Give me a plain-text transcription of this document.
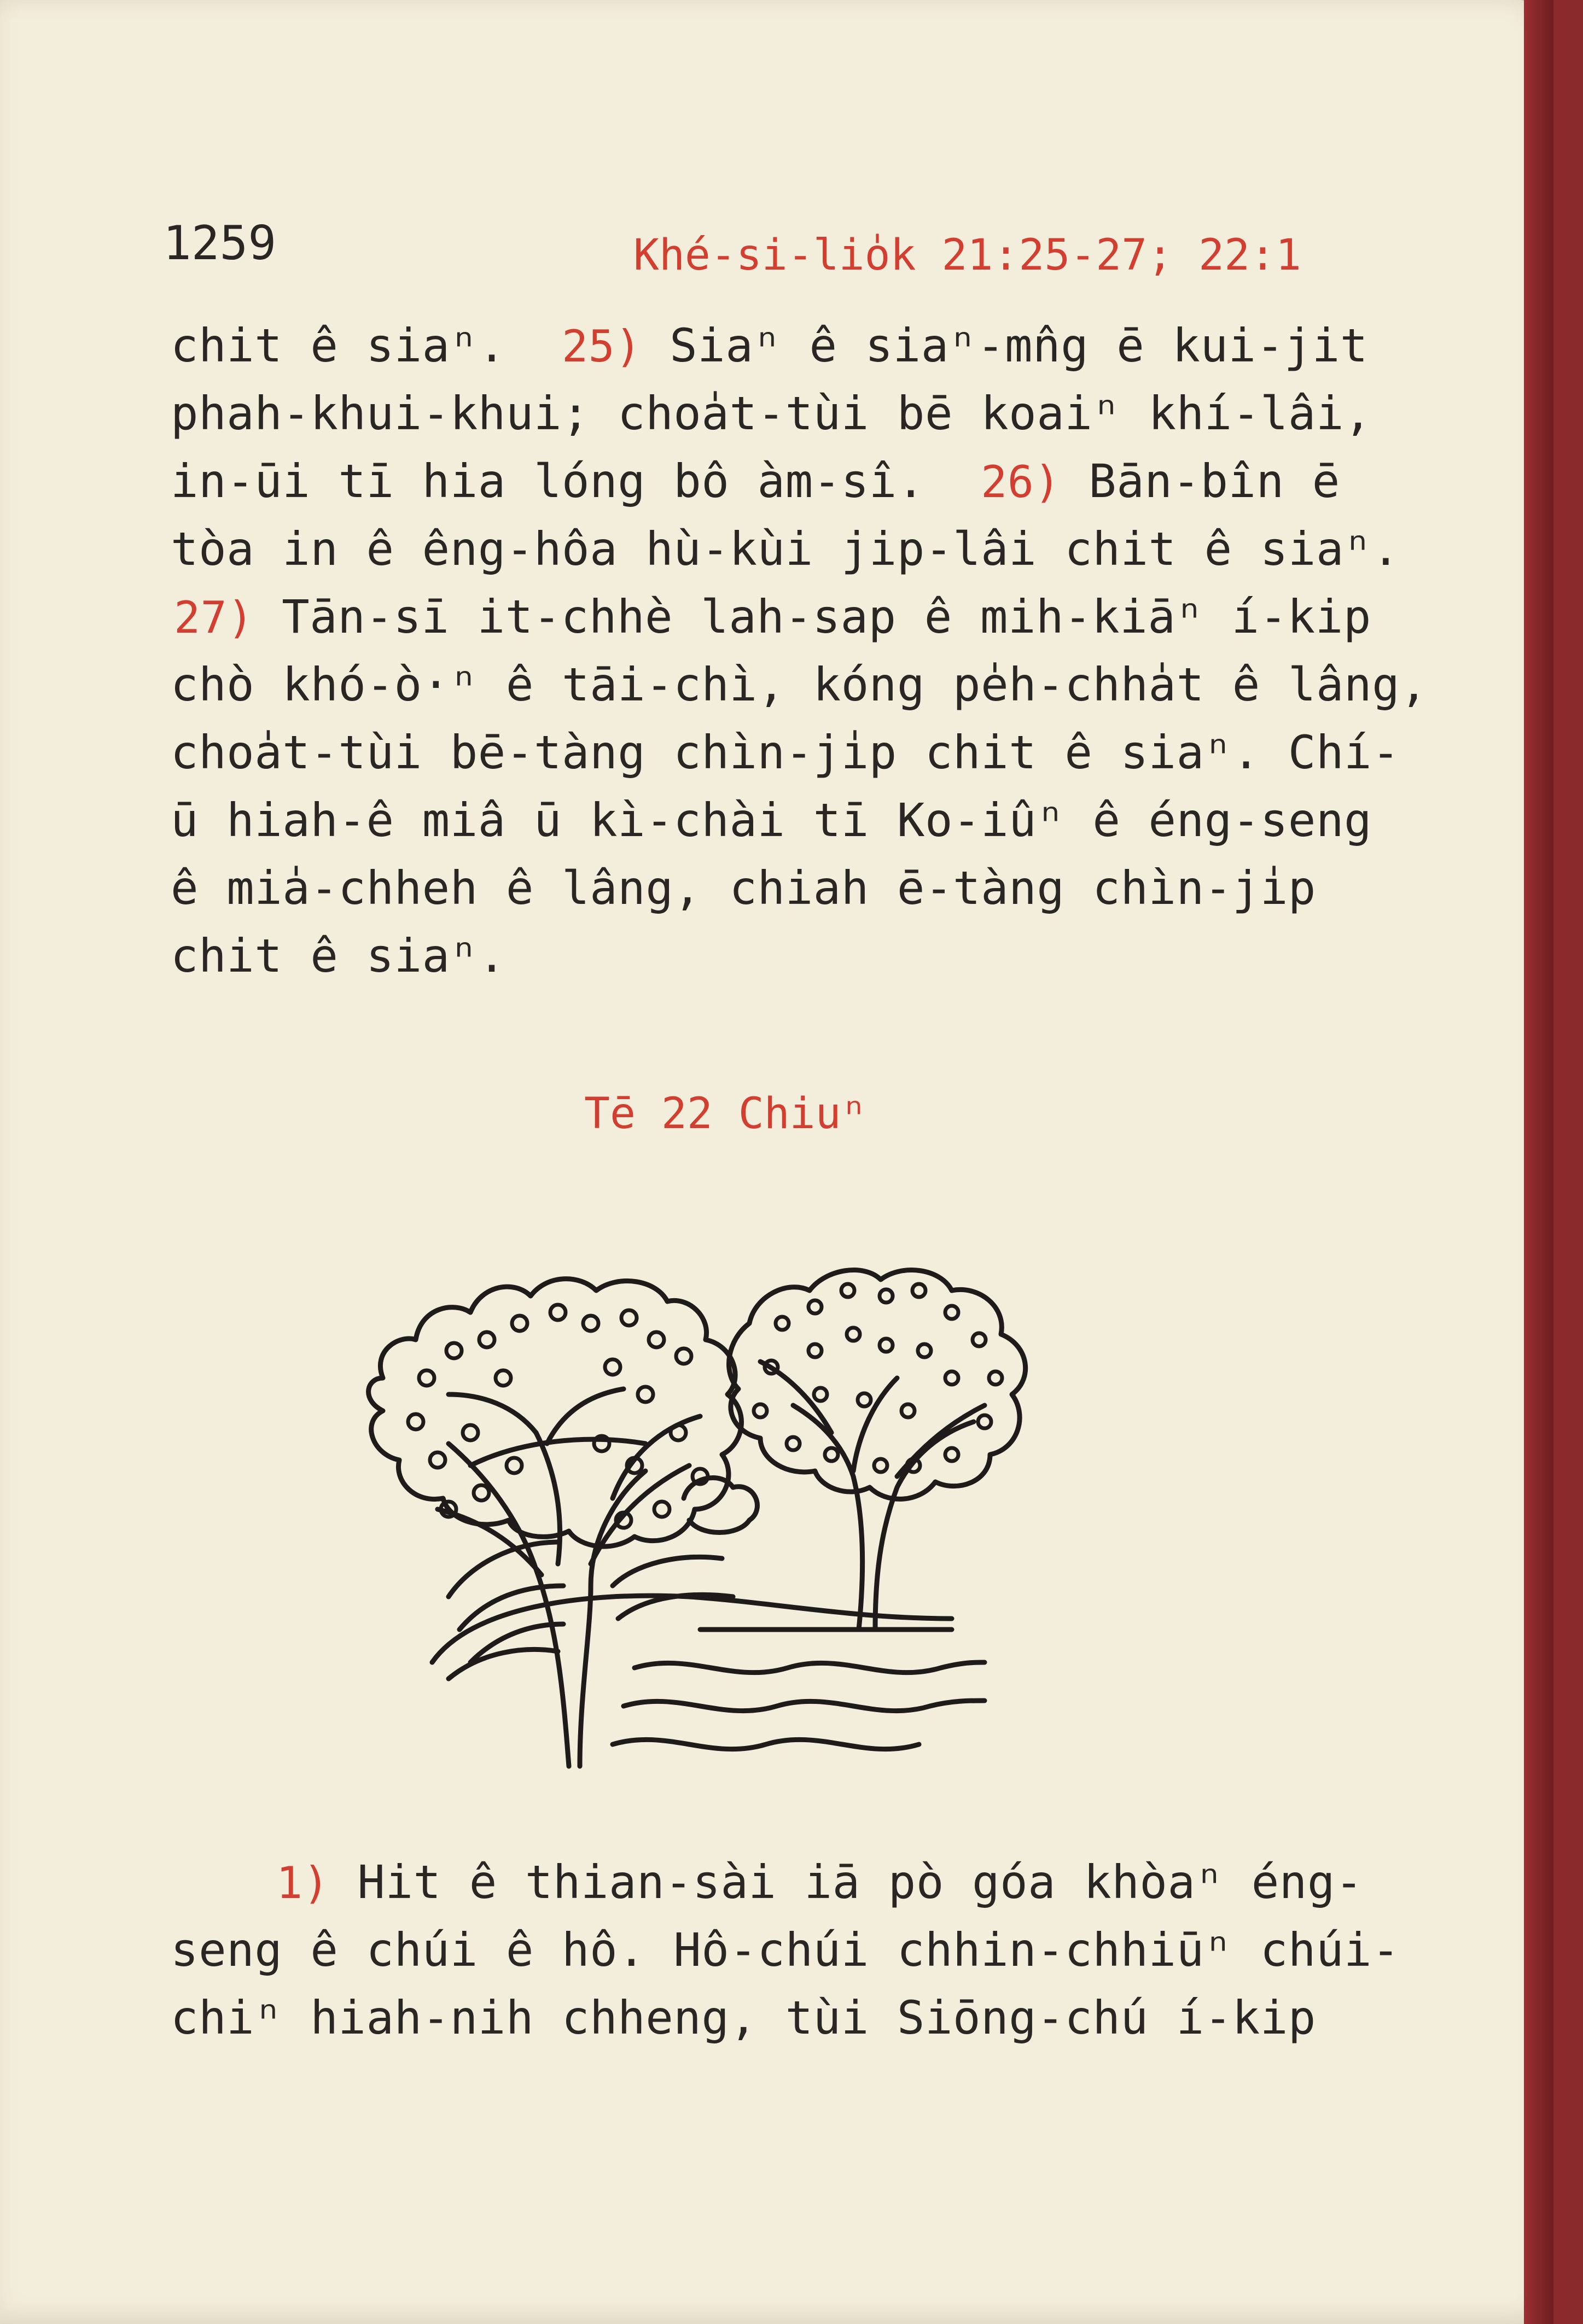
1259	Khé-si-lio̍k 21:25-27; 22:1
chit ê siaⁿ.  25) Siaⁿ ê siaⁿ-mn̂g ē kui-jit
phah-khui-khui; choa̍t-tùi bē koaiⁿ khí-lâi,
in-ūi tī hia lóng bô àm-sî.  26) Bān-bîn ē
tòa in ê êng-hôa hù-kùi jip-lâi chit ê siaⁿ.
27) Tān-sī it-chhè lah-sap ê mih-kiāⁿ í-kip
chò khó-ò·ⁿ ê tāi-chì, kóng pe̍h-chha̍t ê lâng,
choa̍t-tùi bē-tàng chìn-ji̍p chit ê siaⁿ. Chí-
ū hiah-ê miâ ū kì-chài tī Ko-iûⁿ ê éng-seng
ê mia̍-chheh ê lâng, chiah ē-tàng chìn-ji̍p
chit ê siaⁿ.
Tē 22 Chiuⁿ
1) Hit ê thian-sài iā pò góa khòaⁿ éng-
seng ê chúi ê hô. Hô-chúi chhin-chhiūⁿ chúi-
chiⁿ hiah-nih chheng, tùi Siōng-chú í-kip
